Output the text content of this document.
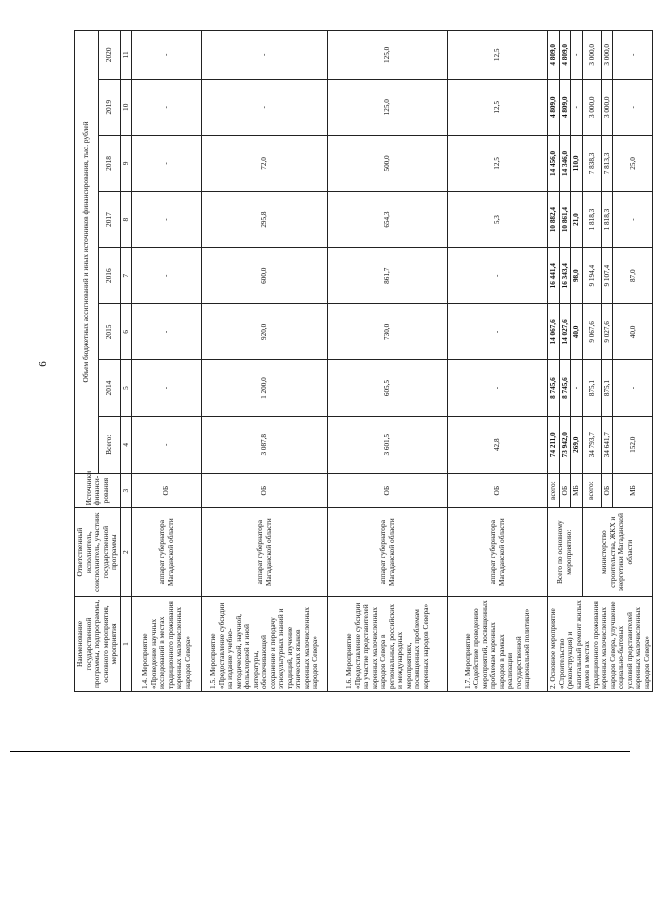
6
Наименование государственной программы, подпрограммы, основного мероприятия, мероприятия	Ответственный исполнитель, соисполнитель, участник государственной программы	Источники финанси-рования	Объем бюджетных ассигнований и иных источников финансирования, тыс. рублей							
			Всего:	2014	2015	2016	2017	2018	2019	2020
1	2	3	4	5	6	7	8	9	10	11
1.4. Мероприятие «Проведение научных исследований в местах традиционного проживания коренных малочисленных народов Севера»	аппарат губернатора Магаданской области	ОБ	-	-	-	-	-	-	-	-
1.5. Мероприятие «Предоставление субсидии на издание учебно-методической, научной, фольклорной и иной литературы, обеспечивающей сохранение и передачу этнокультурных знаний и традиций, изучение этнических языков коренных малочисленных народов Севера»	аппарат губернатора Магаданской области	ОБ	3 087,8	1 200,0	920,0	600,0	295,8	72,0	-	-
1.6. Мероприятие «Предоставление субсидии на участие представителей коренных малочисленных народов Севера в региональных, российских и международных мероприятиях, посвященных проблемам коренных народов Севера»	аппарат губернатора Магаданской области	ОБ	3 601,5	605,5	730,0	861,7	654,3	500,0	125,0	125,0
1.7. Мероприятие «Содействие проведению мероприятий, посвященных проблемам коренных народов в рамках реализации государственной национальной политики»	аппарат губернатора Магаданской области	ОБ	42,8	-	-	-	5,3	12,5	12,5	12,5
2. Основное мероприятие «Строительство (реконструкция) и капитальный ремонт жилых домов в местах традиционного проживания коренных малочисленных народов Севера, улучшение социально-бытовых условий представителей коренных малочисленных народов Севера»	Всего по основному мероприятию:	всего:	74 211,0	8 745,6	14 067,6	16 441,4	10 882,4	14 456,0	4 809,0	4 809,0
		ОБ	73 942,0	8 745,6	14 027,6	16 343,4	10 861,4	14 346,0	4 809,0	4 809,0
		МБ	269,0	-	40,0	98,0	21,0	110,0	-	-
	министерство строительства, ЖКХ и энергетики Магаданской области	всего:	34 793,7	875,1	9 067,6	9 194,4	1 818,3	7 838,3	3 000,0	3 000,0
		ОБ	34 641,7	875,1	9 027,6	9 107,4	1 818,3	7 813,3	3 000,0	3 000,0
		МБ	152,0	-	40,0	87,0	-	25,0	-	-
